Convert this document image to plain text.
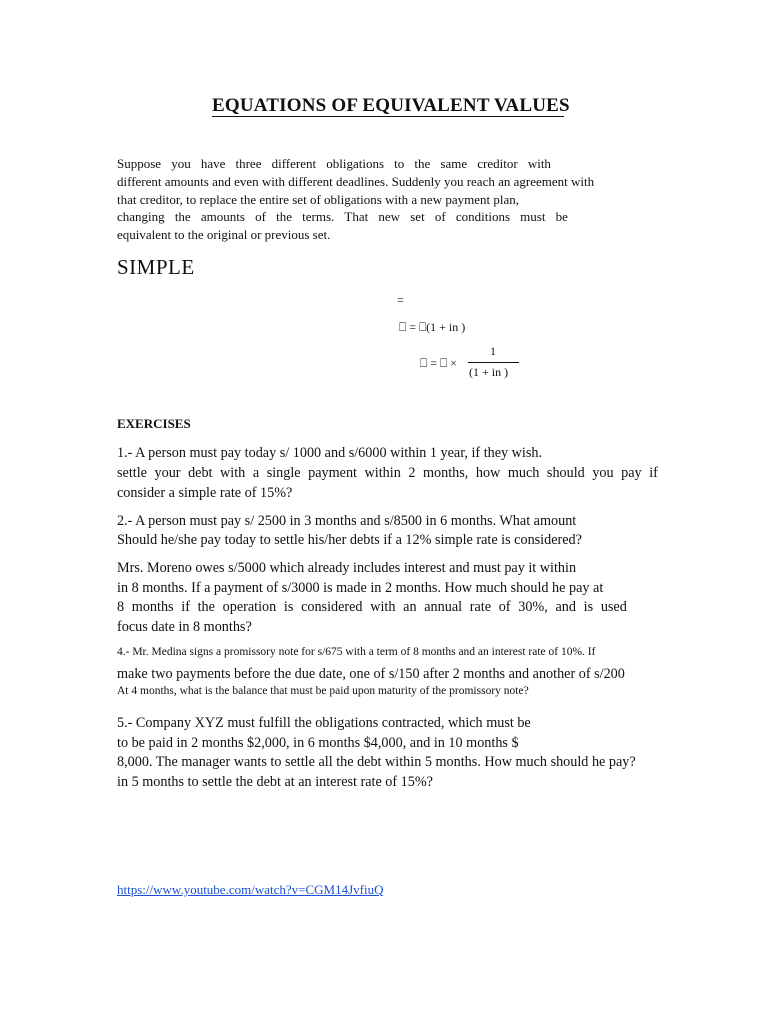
EQUATIONS OF EQUIVALENT VALUES
Suppose you have three different obligations to the same creditor with
different amounts and even with different deadlines. Suddenly you reach an agreement with
that creditor, to replace the entire set of obligations with a new payment plan,
changing the amounts of the terms. That new set of conditions must be
equivalent to the original or previous set.
SIMPLE
=
⎕ = ⎕(1 + in )
⎕ = ⎕ ×
1
(1 + in )
EXERCISES
1.- A person must pay today s/ 1000 and s/6000 within 1 year, if they wish.
settle your debt with a single payment within 2 months, how much should you pay if
consider a simple rate of 15%?
2.- A person must pay s/ 2500 in 3 months and s/8500 in 6 months. What amount
Should he/she pay today to settle his/her debts if a 12% simple rate is considered?
Mrs. Moreno owes s/5000 which already includes interest and must pay it within
in 8 months. If a payment of s/3000 is made in 2 months. How much should he pay at
8 months if the operation is considered with an annual rate of 30%, and is used
focus date in 8 months?
4.- Mr. Medina signs a promissory note for s/675 with a term of 8 months and an interest rate of 10%. If
make two payments before the due date, one of s/150 after 2 months and another of s/200
At 4 months, what is the balance that must be paid upon maturity of the promissory note?
5.- Company XYZ must fulfill the obligations contracted, which must be
to be paid in 2 months $2,000, in 6 months $4,000, and in 10 months $
8,000. The manager wants to settle all the debt within 5 months. How much should he pay?
in 5 months to settle the debt at an interest rate of 15%?
https://www.youtube.com/watch?v=CGM14JvfiuQ
